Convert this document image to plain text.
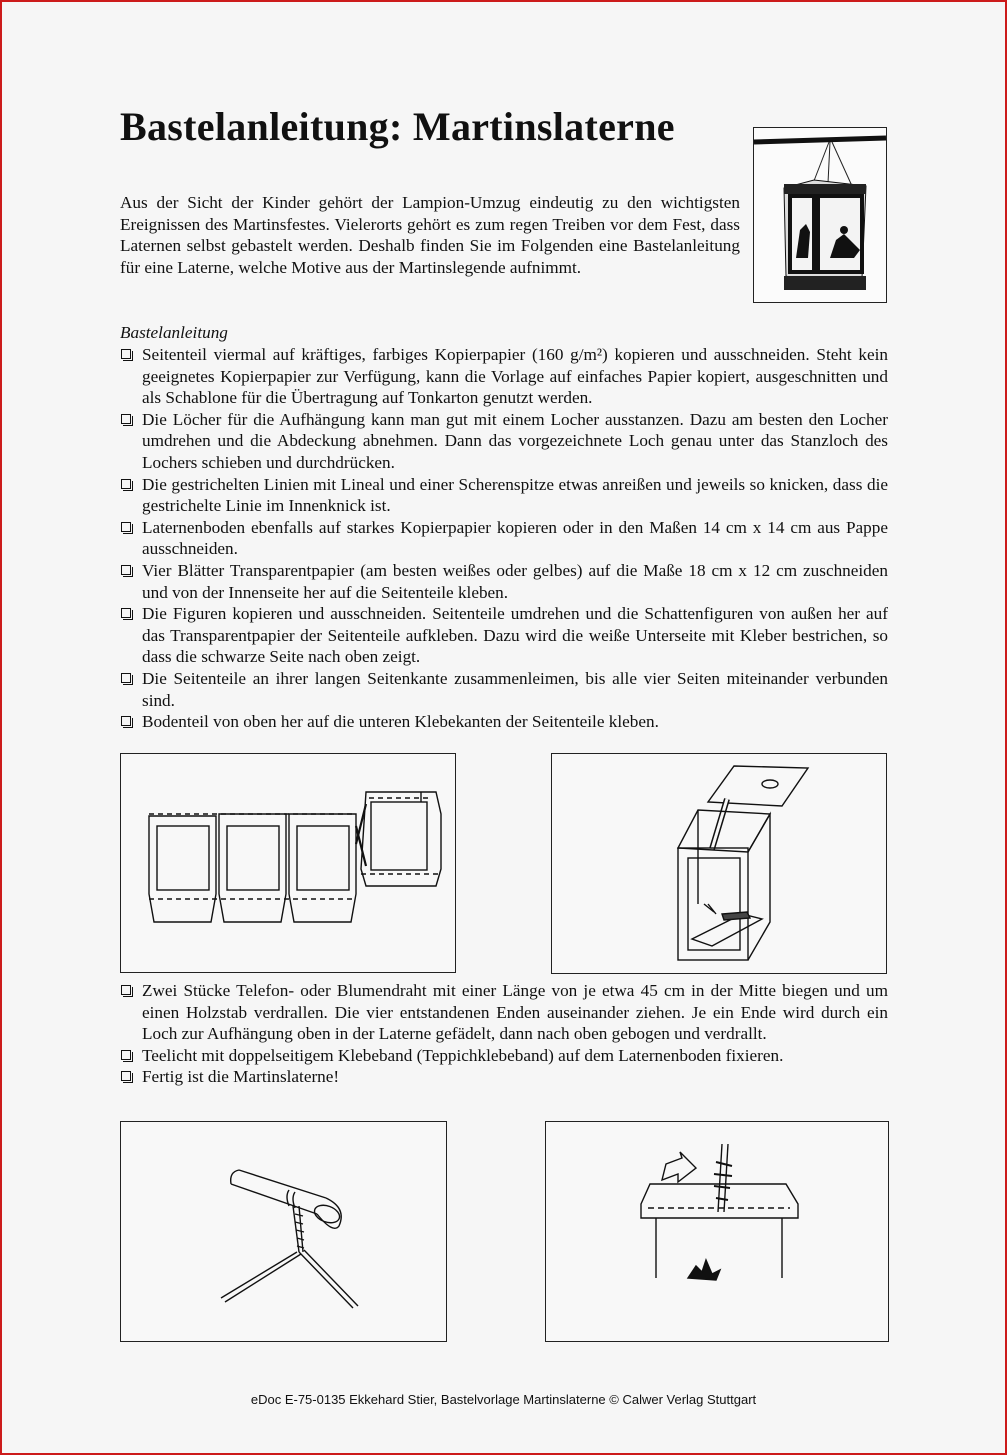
Bastelanleitung: Martinslaterne

Aus der Sicht der Kinder gehört der Lampion-Umzug eindeutig zu den wichtigsten Ereignissen des Martinsfestes. Vielerorts gehört es zum regen Treiben vor dem Fest, dass Laternen selbst gebastelt werden. Deshalb finden Sie im Folgenden eine Bastelanleitung für eine Laterne, welche Motive aus der Martinslegende aufnimmt.

Bastelanleitung
Seitenteil viermal auf kräftiges, farbiges Kopierpapier (160 g/m²) kopieren und ausschneiden. Steht kein geeignetes Kopierpapier zur Verfügung, kann die Vorlage auf einfaches Papier kopiert, ausgeschnitten und als Schablone für die Übertragung auf Tonkarton genutzt werden.
Die Löcher für die Aufhängung kann man gut mit einem Locher ausstanzen. Dazu am besten den Locher umdrehen und die Abdeckung abnehmen. Dann das vorgezeichnete Loch genau unter das Stanzloch des Lochers schieben und durchdrücken.
Die gestrichelten Linien mit Lineal und einer Scherenspitze etwas anreißen und jeweils so knicken, dass die gestrichelte Linie im Innenknick ist.
Laternenboden ebenfalls auf starkes Kopierpapier kopieren oder in den Maßen 14 cm x 14 cm aus Pappe ausschneiden.
Vier Blätter Transparentpapier (am besten weißes oder gelbes) auf die Maße 18 cm x 12 cm zuschneiden und von der Innenseite her auf die Seitenteile kleben.
Die Figuren kopieren und ausschneiden. Seitenteile umdrehen und die Schattenfiguren von außen her auf das Transparentpapier der Seitenteile aufkleben. Dazu wird die weiße Unterseite mit Kleber bestrichen, so dass die schwarze Seite nach oben zeigt.
Die Seitenteile an ihrer langen Seitenkante zusammenleimen, bis alle vier Seiten miteinander verbunden sind.
Bodenteil von oben her auf die unteren Klebekanten der Seitenteile kleben.
Zwei Stücke Telefon- oder Blumendraht mit einer Länge von je etwa 45 cm in der Mitte biegen und um einen Holzstab verdrallen. Die vier entstandenen Enden auseinander ziehen. Je ein Ende wird durch ein Loch zur Aufhängung oben in der Laterne gefädelt, dann nach oben gebogen und verdrallt.
Teelicht mit doppelseitigem Klebeband (Teppichklebeband) auf dem Laternenboden fixieren.
Fertig ist die Martinslaterne!
eDoc E-75-0135 Ekkehard Stier, Bastelvorlage Martinslaterne © Calwer Verlag Stuttgart
